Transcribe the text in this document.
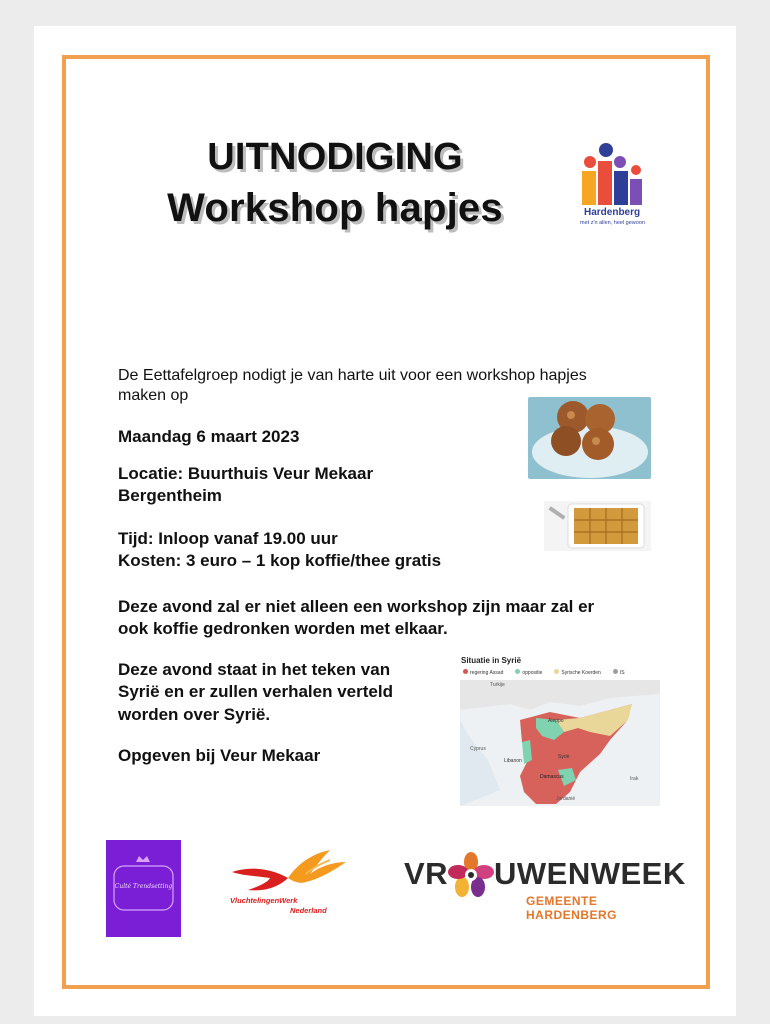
UITNODIGING
Workshop hapjes	Hardenberg
met z'n allen, heel gewoon
De Eettafelgroep nodigt je van harte uit voor een workshop hapjes
maken op
Maandag 6 maart 2023
Locatie: Buurthuis Veur Mekaar
Bergentheim
Tijd: Inloop vanaf 19.00 uur
Kosten: 3 euro – 1 kop koffie/thee gratis
Deze avond zal er niet alleen een workshop zijn maar zal er
ook koffie gedronken worden met elkaar.
Deze avond staat in het teken van
Syrië en er zullen verhalen verteld
worden over Syrië.
Opgeven bij Veur Mekaar
Situatie in Syrië
regering Assad	oppositie	Syrische Koerden	IS
Turkije
Libanon
Syrië
Damascus	Irak
Jordanië
Cyprus
Aleppo
Culté Trendsetting
VluchtelingenWerk
Nederland
VR UWENWEEK
GEMEENTE HARDENBERG
